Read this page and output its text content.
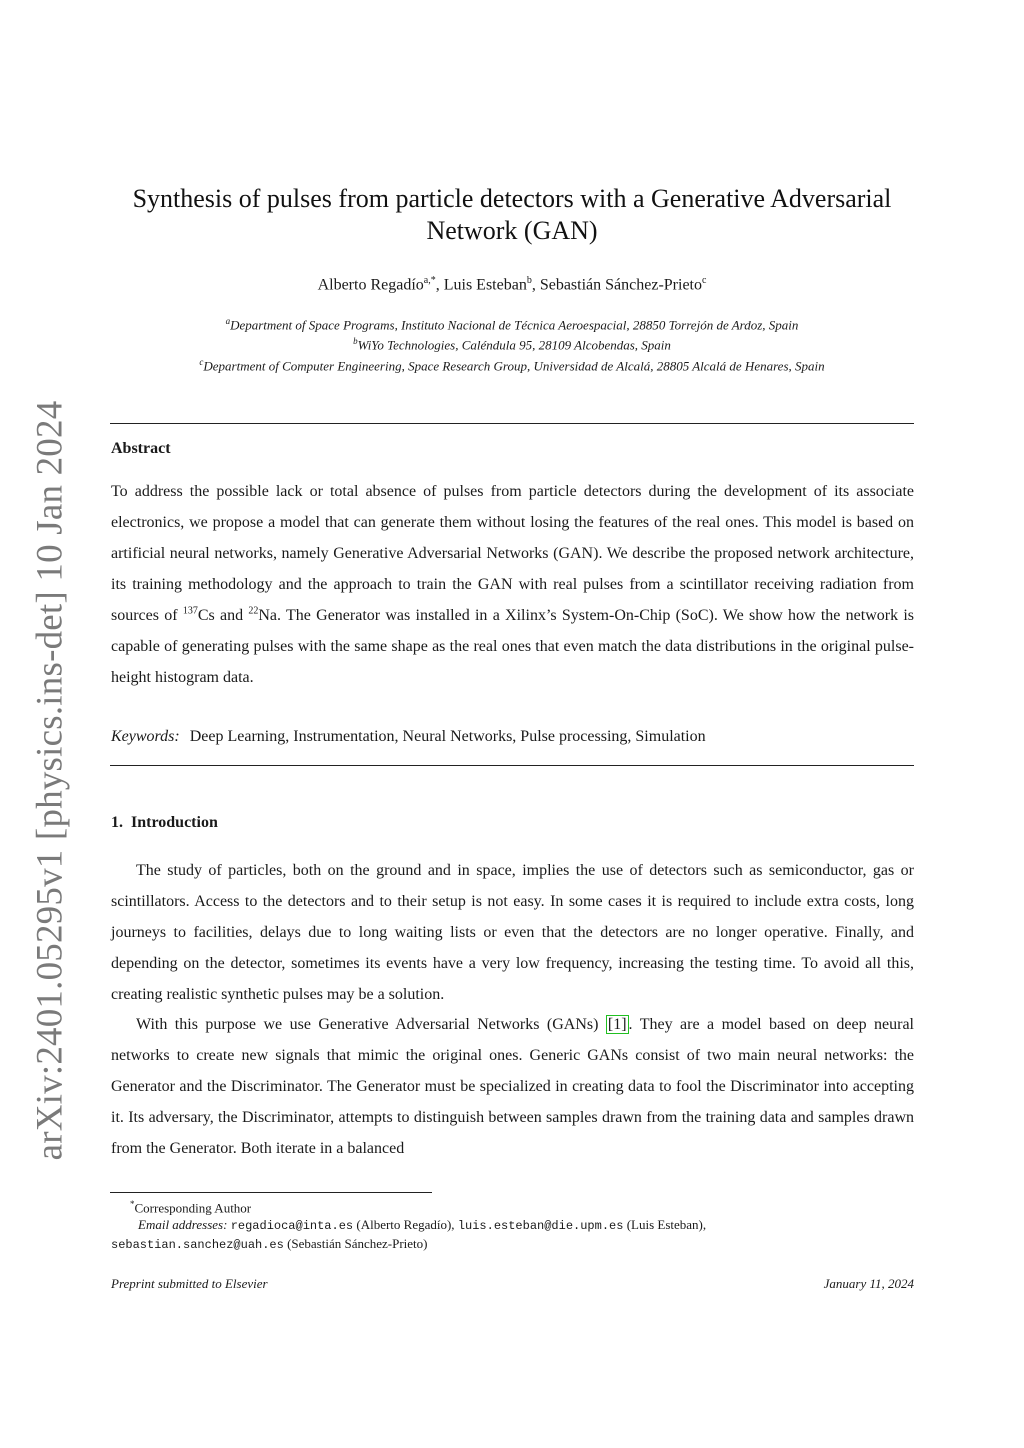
arXiv:2401.05295v1 [physics.ins-det] 10 Jan 2024
Synthesis of pulses from particle detectors with a Generative Adversarial Network (GAN)
Alberto Regadío$^{a,*}$, Luis Esteban$^b$, Sebastián Sánchez-Prieto$^c$
$^a$Department of Space Programs, Instituto Nacional de Técnica Aeroespacial, 28850 Torrejón de Ardoz, Spain
$^b$WiYo Technologies, Caléndula 95, 28109 Alcobendas, Spain
$^c$Department of Computer Engineering, Space Research Group, Universidad de Alcalá, 28805 Alcalá de Henares, Spain
Abstract

To address the possible lack or total absence of pulses from particle detectors during the development of its associate electronics, we propose a model that can generate them without losing the features of the real ones. This model is based on artificial neural networks, namely Generative Adversarial Networks (GAN). We describe the proposed network architecture, its training methodology and the approach to train the GAN with real pulses from a scintillator receiving radiation from sources of $^{137}$Cs and $^{22}$Na. The Generator was installed in a Xilinx’s System-On-Chip (SoC). We show how the network is capable of generating pulses with the same shape as the real ones that even match the data distributions in the original pulse-height histogram data.

Keywords: Deep Learning, Instrumentation, Neural Networks, Pulse processing, Simulation
1. Introduction

The study of particles, both on the ground and in space, implies the use of detectors such as semiconductor, gas or scintillators. Access to the detectors and to their setup is not easy. In some cases it is required to include extra costs, long journeys to facilities, delays due to long waiting lists or even that the detectors are no longer operative. Finally, and depending on the detector, sometimes its events have a very low frequency, increasing the testing time. To avoid all this, creating realistic synthetic pulses may be a solution.

With this purpose we use Generative Adversarial Networks (GANs) [1] . They are a model based on deep neural networks to create new signals that mimic the original ones. Generic GANs consist of two main neural networks: the Generator and the Discriminator. The Generator must be specialized in creating data to fool the Discriminator into accepting it. Its adversary, the Discriminator, attempts to distinguish between samples drawn from the training data and samples drawn from the Generator. Both iterate in a balanced

*Corresponding Author
Email addresses: regadioca@inta.es (Alberto Regadío), luis.esteban@die.upm.es (Luis Esteban),
sebastian.sanchez@uah.es (Sebastián Sánchez-Prieto)
Preprint submitted to Elsevier	January 11, 2024
